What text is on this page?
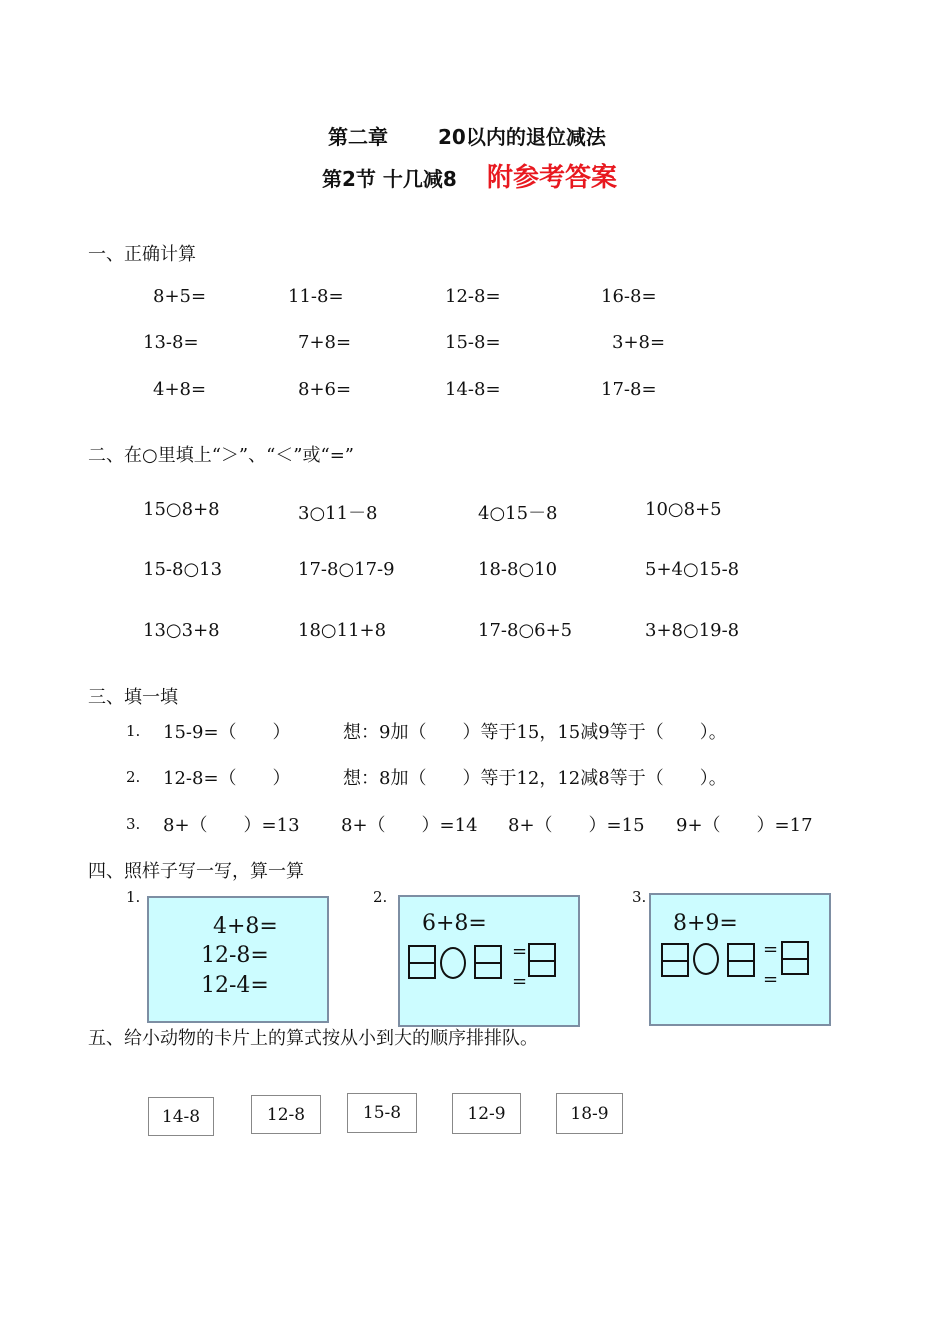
第二章	20以内的退位减法
第2节 十几减8 附参考答案
一、正确计算
8+5=	11-8=	12-8=	16-8=
13-8=	7+8=	15-8=	3+8=
4+8=	8+6=	14-8=	17-8=
二、在○里填上“＞”、“＜”或“=”
15○8+8	3○11－8	4○15－8	10○8+5
15-8○13	17-8○17-9	18-8○10	5+4○15-8
13○3+8	18○11+8	17-8○6+5	3+8○19-8
三、填一填
1. 15-9=（　　）	想：9加（　　）等于15，15减9等于（　　）。
2. 12-8=（　　）	想：8加（　　）等于12，12减8等于（　　）。
3. 8+（　　）=13 8+（　　）=14 8+（　　）=15 9+（　　）=17
四、照样子写一写，算一算
1.	2.	3.
4+8=
12-8=
12-4=
6+8=
=
=
8+9=
=
=
五、给小动物的卡片上的算式按从小到大的顺序排排队。
14-8	12-8	15-8	12-9	18-9
